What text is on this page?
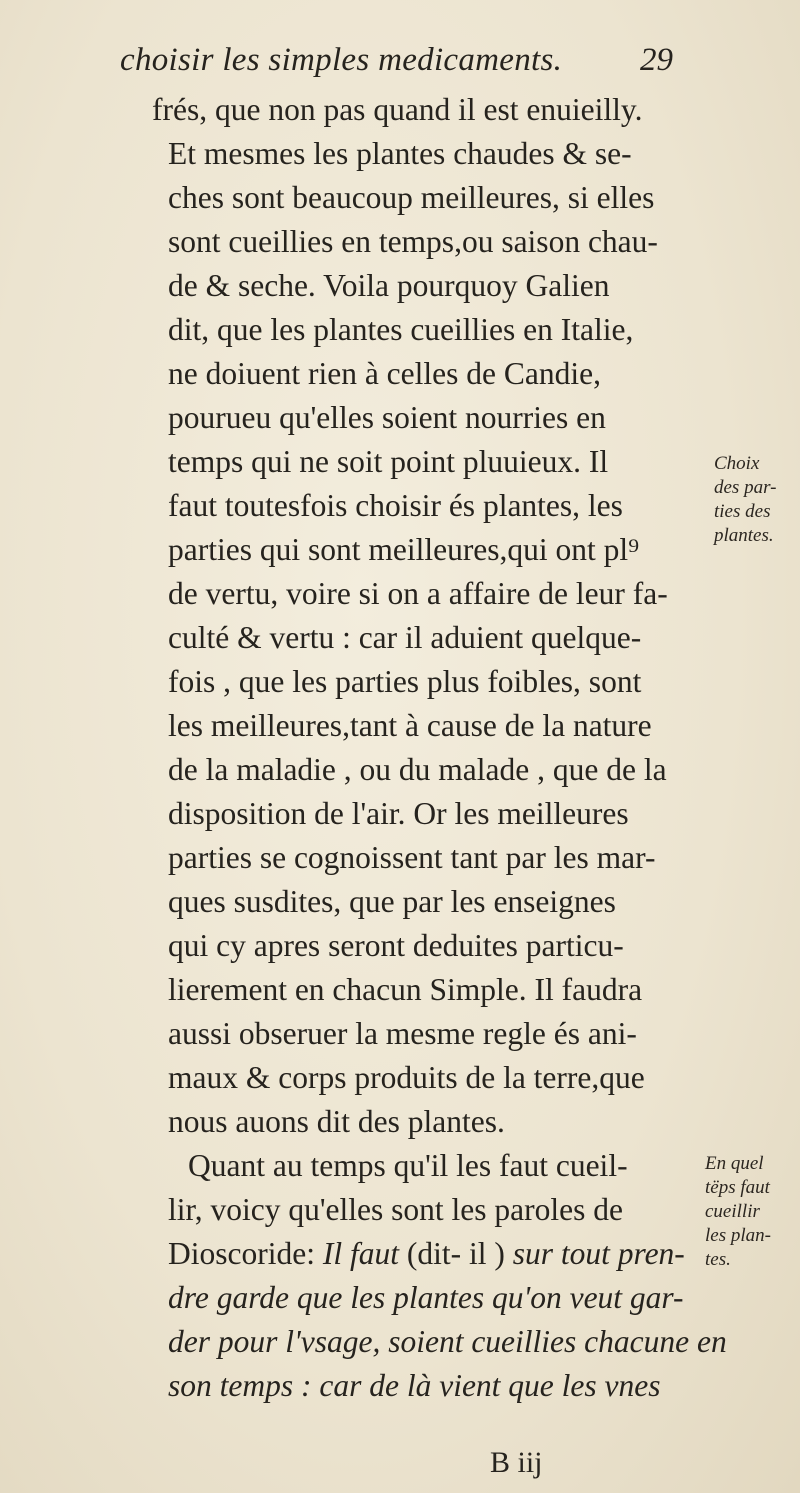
choisir les simples medicaments. 29
frés, que non pas quand il est enuieilly.
Et mesmes les plantes chaudes & se-
ches sont beaucoup meilleures, si elles
sont cueillies en temps,ou saison chau-
de & seche. Voila pourquoy Galien
dit, que les plantes cueillies en Italie,
ne doiuent rien à celles de Candie,
pourueu qu'elles soient nourries en
temps qui ne soit point pluuieux. Il
faut toutesfois choisir és plantes, les
parties qui sont meilleures,qui ont pl⁹
de vertu, voire si on a affaire de leur fa-
culté & vertu : car il aduient quelque-
fois , que les parties plus foibles, sont
les meilleures,tant à cause de la nature
de la maladie , ou du malade , que de la
disposition de l'air. Or les meilleures
parties se cognoissent tant par les mar-
ques susdites, que par les enseignes
qui cy apres seront deduites particu-
lierement en chacun Simple. Il faudra
aussi obseruer la mesme regle és ani-
maux & corps produits de la terre,que
nous auons dit des plantes.
Quant au temps qu'il les faut cueil-
lir, voicy qu'elles sont les paroles de
Dioscoride: Il faut (dit- il ) sur tout pren-
dre garde que les plantes qu'on veut gar-
der pour l'vsage, soient cueillies chacune en
son temps : car de là vient que les vnes
B iij
Choix
des par-
ties des
plantes.
En quel
tëps faut
cueillir
les plan-
tes.
